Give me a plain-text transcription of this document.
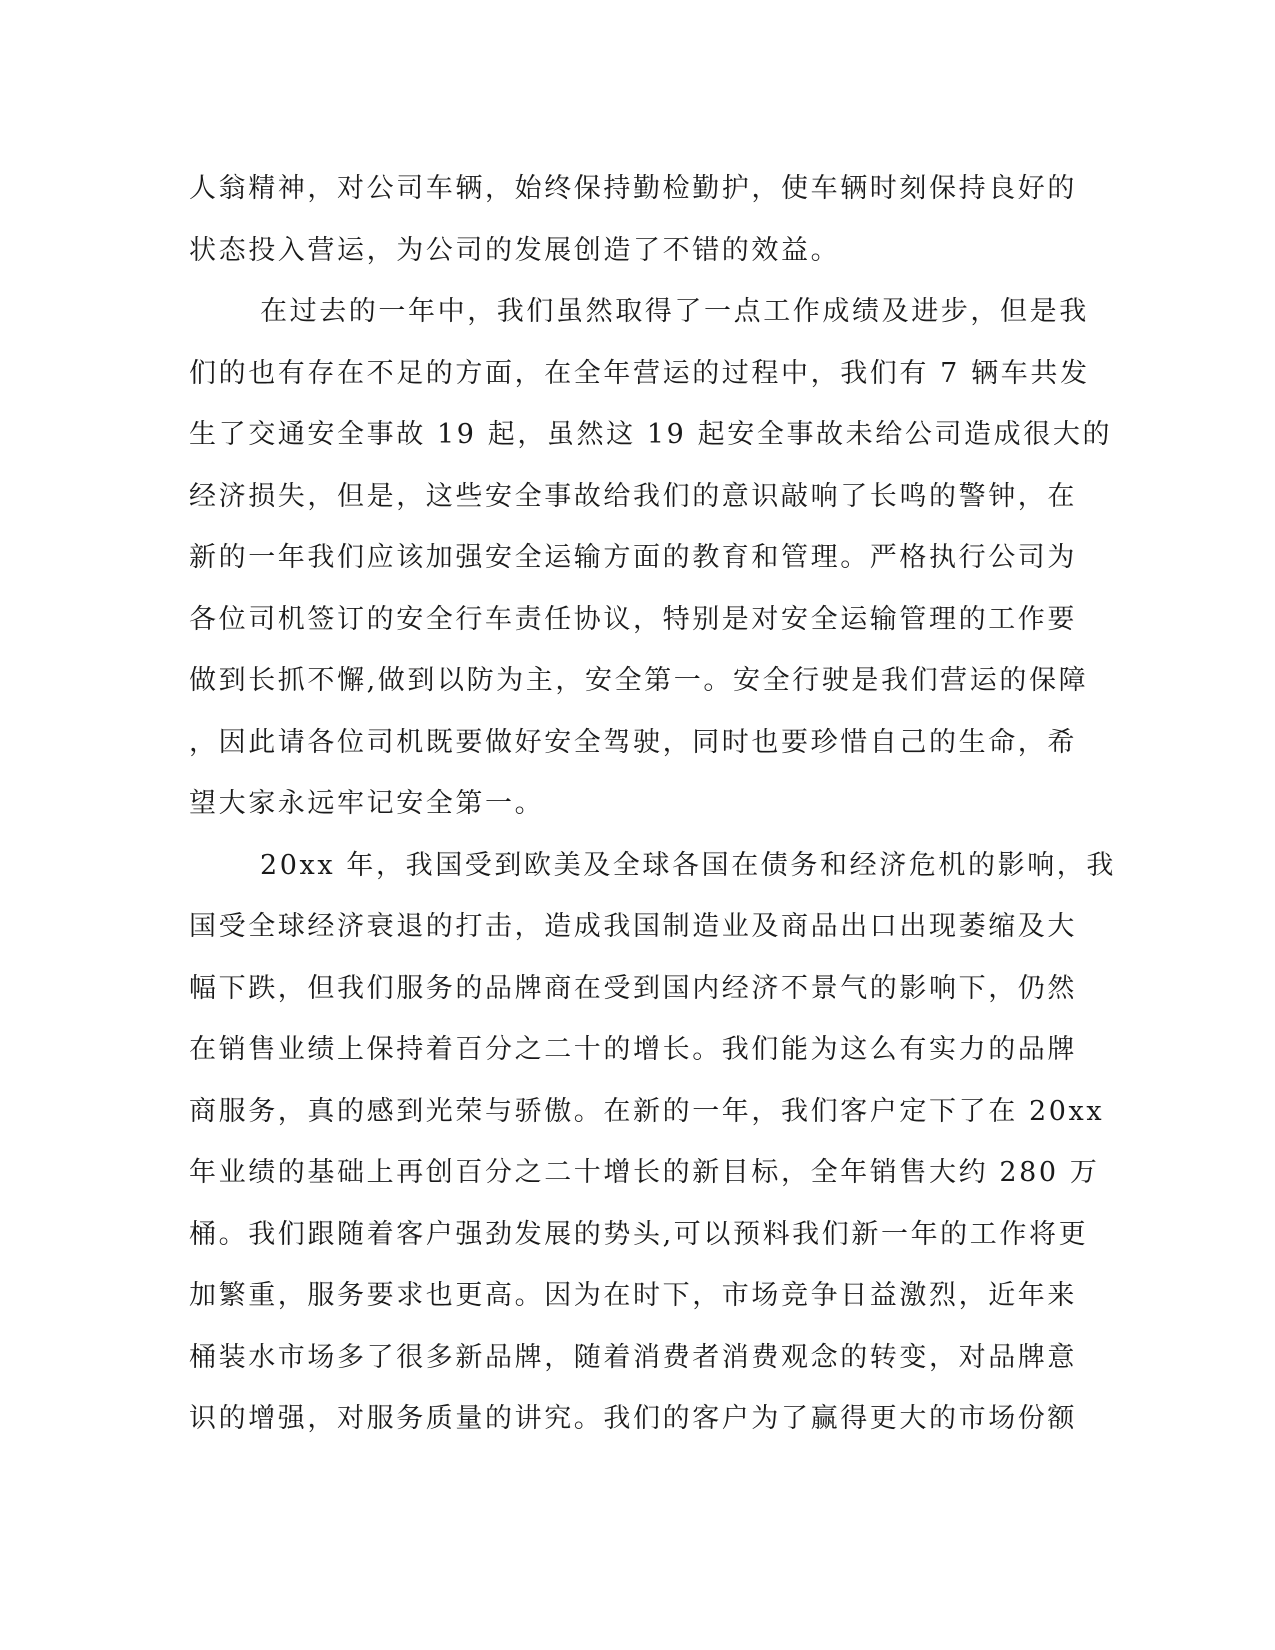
人翁精神，对公司车辆，始终保持勤检勤护，使车辆时刻保持良好的
状态投入营运，为公司的发展创造了不错的效益。
在过去的一年中，我们虽然取得了一点工作成绩及进步，但是我
们的也有存在不足的方面，在全年营运的过程中，我们有 7 辆车共发
生了交通安全事故 19 起，虽然这 19 起安全事故未给公司造成很大的
经济损失，但是，这些安全事故给我们的意识敲响了长鸣的警钟，在
新的一年我们应该加强安全运输方面的教育和管理。严格执行公司为
各位司机签订的安全行车责任协议，特别是对安全运输管理的工作要
做到长抓不懈,做到以防为主，安全第一。安全行驶是我们营运的保障
，因此请各位司机既要做好安全驾驶，同时也要珍惜自己的生命，希
望大家永远牢记安全第一。
20xx 年，我国受到欧美及全球各国在债务和经济危机的影响，我
国受全球经济衰退的打击，造成我国制造业及商品出口出现萎缩及大
幅下跌，但我们服务的品牌商在受到国内经济不景气的影响下，仍然
在销售业绩上保持着百分之二十的增长。我们能为这么有实力的品牌
商服务，真的感到光荣与骄傲。在新的一年，我们客户定下了在 20xx
年业绩的基础上再创百分之二十增长的新目标，全年销售大约 280 万
桶。我们跟随着客户强劲发展的势头,可以预料我们新一年的工作将更
加繁重，服务要求也更高。因为在时下，市场竞争日益激烈，近年来
桶装水市场多了很多新品牌，随着消费者消费观念的转变，对品牌意
识的增强，对服务质量的讲究。我们的客户为了赢得更大的市场份额
